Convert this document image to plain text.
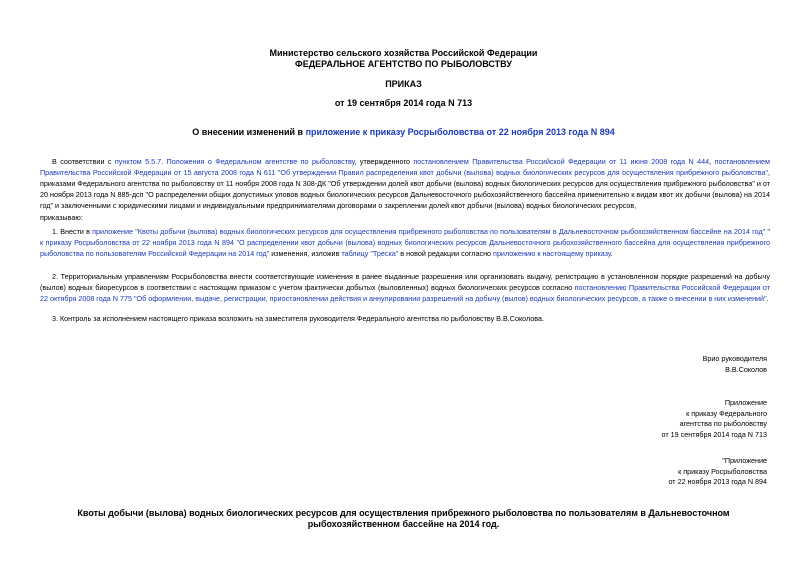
Министерство сельского хозяйства Российской Федерации
ФЕДЕРАЛЬНОЕ АГЕНТСТВО ПО РЫБОЛОВСТВУ
ПРИКАЗ
от 19 сентября 2014 года N 713
О внесении изменений в приложение к приказу Росрыболовства от 22 ноября 2013 года N 894
В соответствии с пунктом 5.5.7. Положения о Федеральном агентстве по рыболовству, утвержденного постановлением Правительства Российской Федерации от 11 июня 2008 года N 444, постановлением Правительства Российской Федерации от 15 августа 2008 года N 611 "Об утверждении Правил распределения квот добычи (вылова) водных биологических ресурсов для осуществления прибрежного рыболовства", приказами Федерального агентства по рыболовству от 11 ноября 2008 года N 308-ДК "Об утверждении долей квот добычи (вылова) водных биологических ресурсов для осуществления прибрежного рыболовства" и от 20 ноября 2013 года N 885-дсп "О распределении общих допустимых уловов водных биологических ресурсов Дальневосточного рыбохозяйственного бассейна применительно к видам квот их добычи (вылова) на 2014 год" и заключенными с юридическими лицами и индивидуальными предпринимателями договорами о закреплении долей квот добычи (вылова) водных биологических ресурсов,
приказываю:
1. Внести в приложение "Квоты добычи (вылова) водных биологических ресурсов для осуществления прибрежного рыболовства по пользователям в Дальневосточном рыбохозяйственном бассейне на 2014 год" " к приказу Росрыболовства от 22 ноября 2013 года N 894 "О распределении квот добычи (вылова) водных биологических ресурсов Дальневосточного рыбохозяйственного бассейна для осуществления прибрежного рыболовства по пользователям Российской Федерации на 2014 год" изменения, изложив таблицу "Треска" в новой редакции согласно приложению к настоящему приказу.
2. Территориальным управлениям Росрыболовства внести соответствующие изменения в ранее выданные разрешения или организовать выдачу, регистрацию в установленном порядке разрешений на добычу (вылов) водных биоресурсов в соответствии с настоящим приказом с учетом фактически добытых (выловленных) водных биологических ресурсов согласно постановлению Правительства Российской Федерации от 22 октября 2008 года N 775 "Об оформлении, выдаче, регистрации, приостановлении действия и аннулировании разрешений на добычу (вылов) водных биологических ресурсов, а также о внесении в них изменений".
3. Контроль за исполнением настоящего приказа возложить на заместителя руководителя Федерального агентства по рыболовству В.В.Соколова.
Врио руководителя
В.В.Соколов
Приложение
к приказу Федерального
агентства по рыболовству
от 19 сентября 2014 года N 713
"Приложение
к приказу Росрыболовства
от 22 ноября 2013 года N 894
Квоты добычи (вылова) водных биологических ресурсов для осуществления прибрежного рыболовства по пользователям в Дальневосточном
рыбохозяйственном бассейне на 2014 год.
